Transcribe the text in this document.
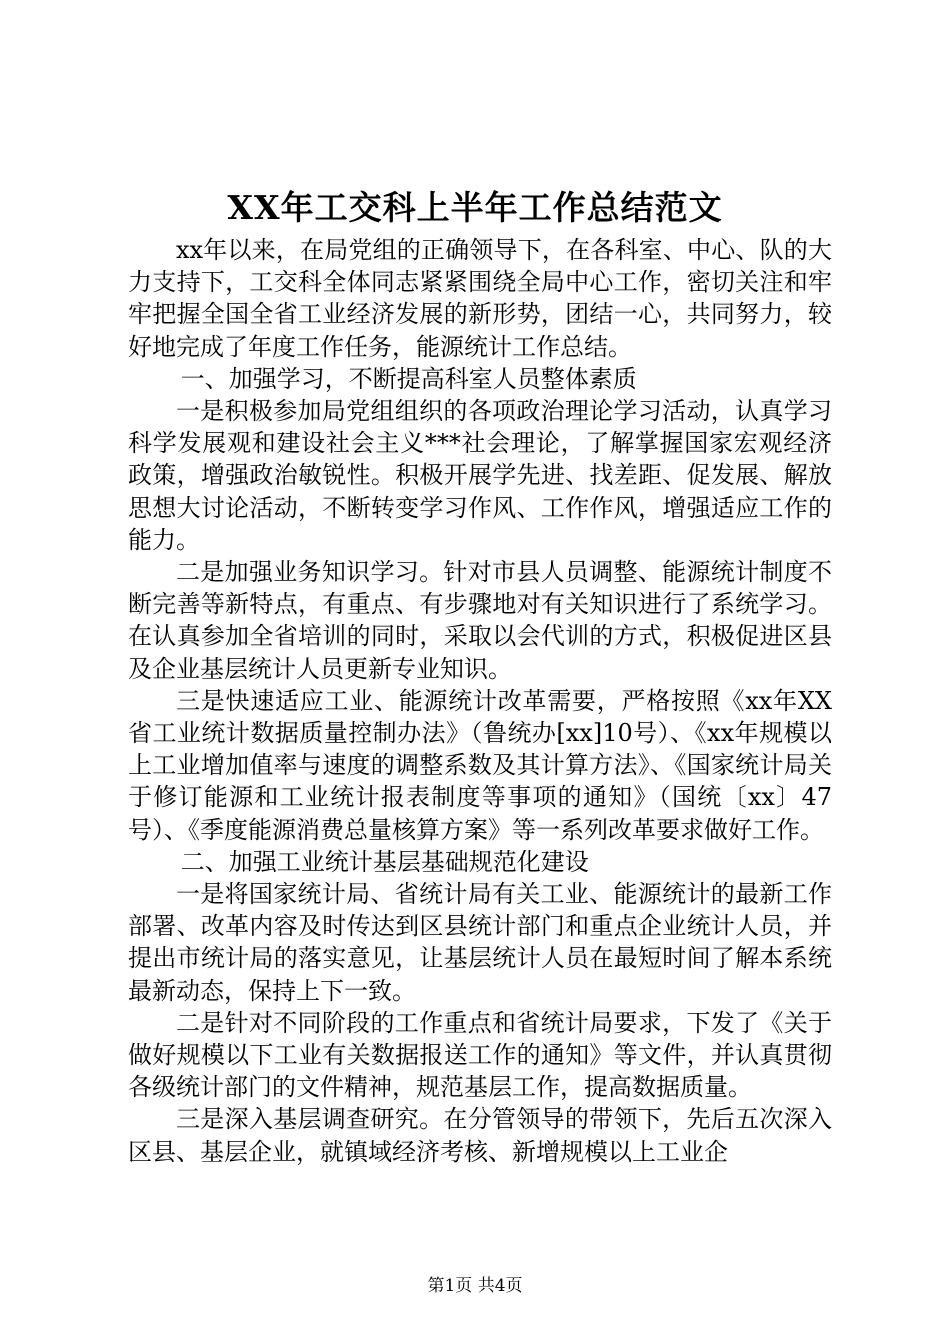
XX年工交科上半年工作总结范文

xx年以来，在局党组的正确领导下，在各科室、中心、队的大力支持下，工交科全体同志紧紧围绕全局中心工作，密切关注和牢牢把握全国全省工业经济发展的新形势，团结一心，共同努力，较好地完成了年度工作任务，能源统计工作总结。

一、加强学习，不断提高科室人员整体素质

一是积极参加局党组组织的各项政治理论学习活动，认真学习科学发展观和建设社会主义***社会理论，了解掌握国家宏观经济政策，增强政治敏锐性。积极开展学先进、找差距、促发展、解放思想大讨论活动，不断转变学习作风、工作作风，增强适应工作的能力。

二是加强业务知识学习。针对市县人员调整、能源统计制度不断完善等新特点，有重点、有步骤地对有关知识进行了系统学习。在认真参加全省培训的同时，采取以会代训的方式，积极促进区县及企业基层统计人员更新专业知识。

三是快速适应工业、能源统计改革需要，严格按照《xx年XX省工业统计数据质量控制办法》（鲁统办[xx]10号）、《xx年规模以上工业增加值率与速度的调整系数及其计算方法》、《国家统计局关于修订能源和工业统计报表制度等事项的通知》（国统〔xx〕47号）、《季度能源消费总量核算方案》等一系列改革要求做好工作。

二、加强工业统计基层基础规范化建设

一是将国家统计局、省统计局有关工业、能源统计的最新工作部署、改革内容及时传达到区县统计部门和重点企业统计人员，并提出市统计局的落实意见，让基层统计人员在最短时间了解本系统最新动态，保持上下一致。

二是针对不同阶段的工作重点和省统计局要求，下发了《关于做好规模以下工业有关数据报送工作的通知》等文件，并认真贯彻各级统计部门的文件精神，规范基层工作，提高数据质量。

三是深入基层调查研究。在分管领导的带领下，先后五次深入区县、基层企业，就镇域经济考核、新增规模以上工业企

第1页 共4页
